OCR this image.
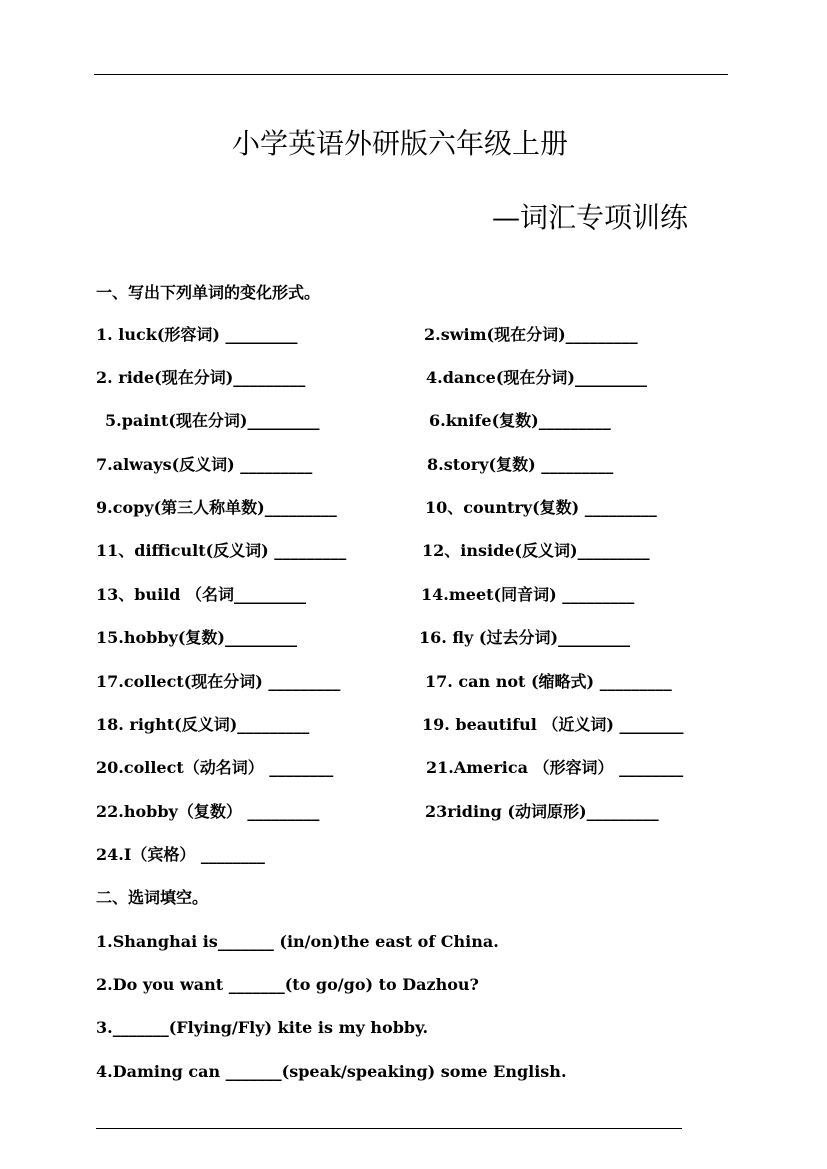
小学英语外研版六年级上册
—词汇专项训练
一、写出下列单词的变化形式。
1. luck(形容词) _________	2.swim(现在分词)_________
2. ride(现在分词)_________	4.dance(现在分词)_________
5.paint(现在分词)_________	6.knife(复数)_________
7.always(反义词) _________	8.story(复数) _________
9.copy(第三人称单数)_________	10、country(复数) _________
11、difficult(反义词) _________	12、inside(反义词)_________
13、build （名词_________	14.meet(同音词) _________
15.hobby(复数)_________	16. fly (过去分词)_________
17.collect(现在分词) _________	17. can not (缩略式) _________
18. right(反义词)_________	19. beautiful （近义词) ________
20.collect（动名词） ________	21.America （形容词） ________
22.hobby（复数） _________	23riding (动词原形)_________
24.I（宾格） ________
二、选词填空。
1.Shanghai is_______ (in/on)the east of China.
2.Do you want _______(to go/go) to Dazhou?
3._______(Flying/Fly) kite is my hobby.
4.Daming can _______(speak/speaking) some English.
